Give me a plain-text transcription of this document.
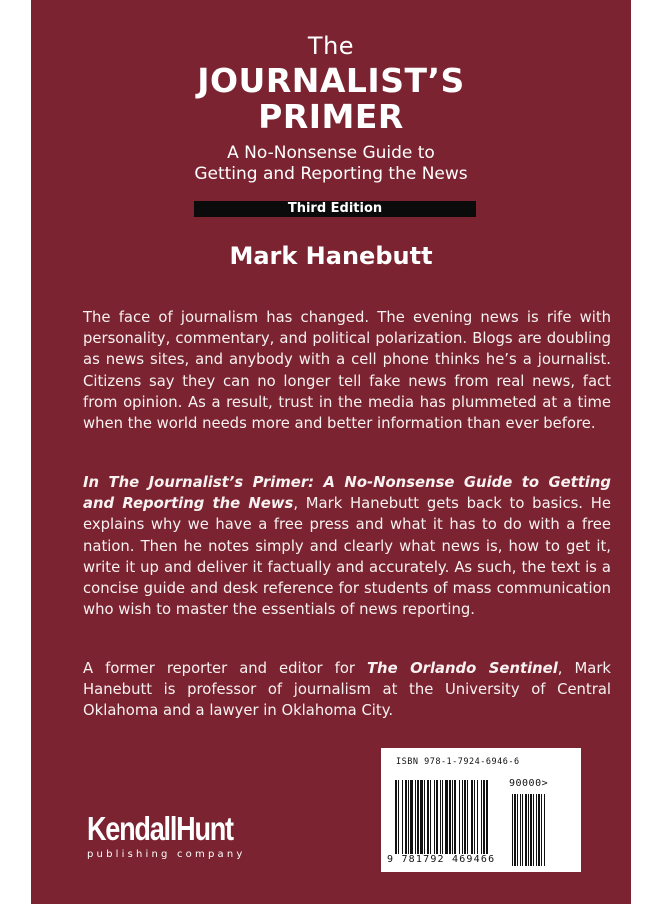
The
JOURNALIST’S
PRIMER
A No-Nonsense Guide to
Getting and Reporting the News
Third Edition
Mark Hanebutt

The face of journalism has changed. The evening news is rife with personality, commentary, and political polarization. Blogs are doubling as news sites, and anybody with a cell phone thinks he’s a journalist. Citizens say they can no longer tell fake news from real news, fact from opinion. As a result, trust in the media has plummeted at a time when the world needs more and better information than ever before.

In The Journalist’s Primer: A No-Nonsense Guide to Getting and Reporting the News, Mark Hanebutt gets back to basics. He explains why we have a free press and what it has to do with a free nation. Then he notes simply and clearly what news is, how to get it, write it up and deliver it factually and accurately. As such, the text is a concise guide and desk reference for students of mass communication who wish to master the essentials of news reporting.

A former reporter and editor for The Orlando Sentinel, Mark Hanebutt is professor of journalism at the University of Central Oklahoma and a lawyer in Oklahoma City.

ISBN 978-1-7924-6946-6
90000>
9 781792 469466
KendallHunt
publishing company
